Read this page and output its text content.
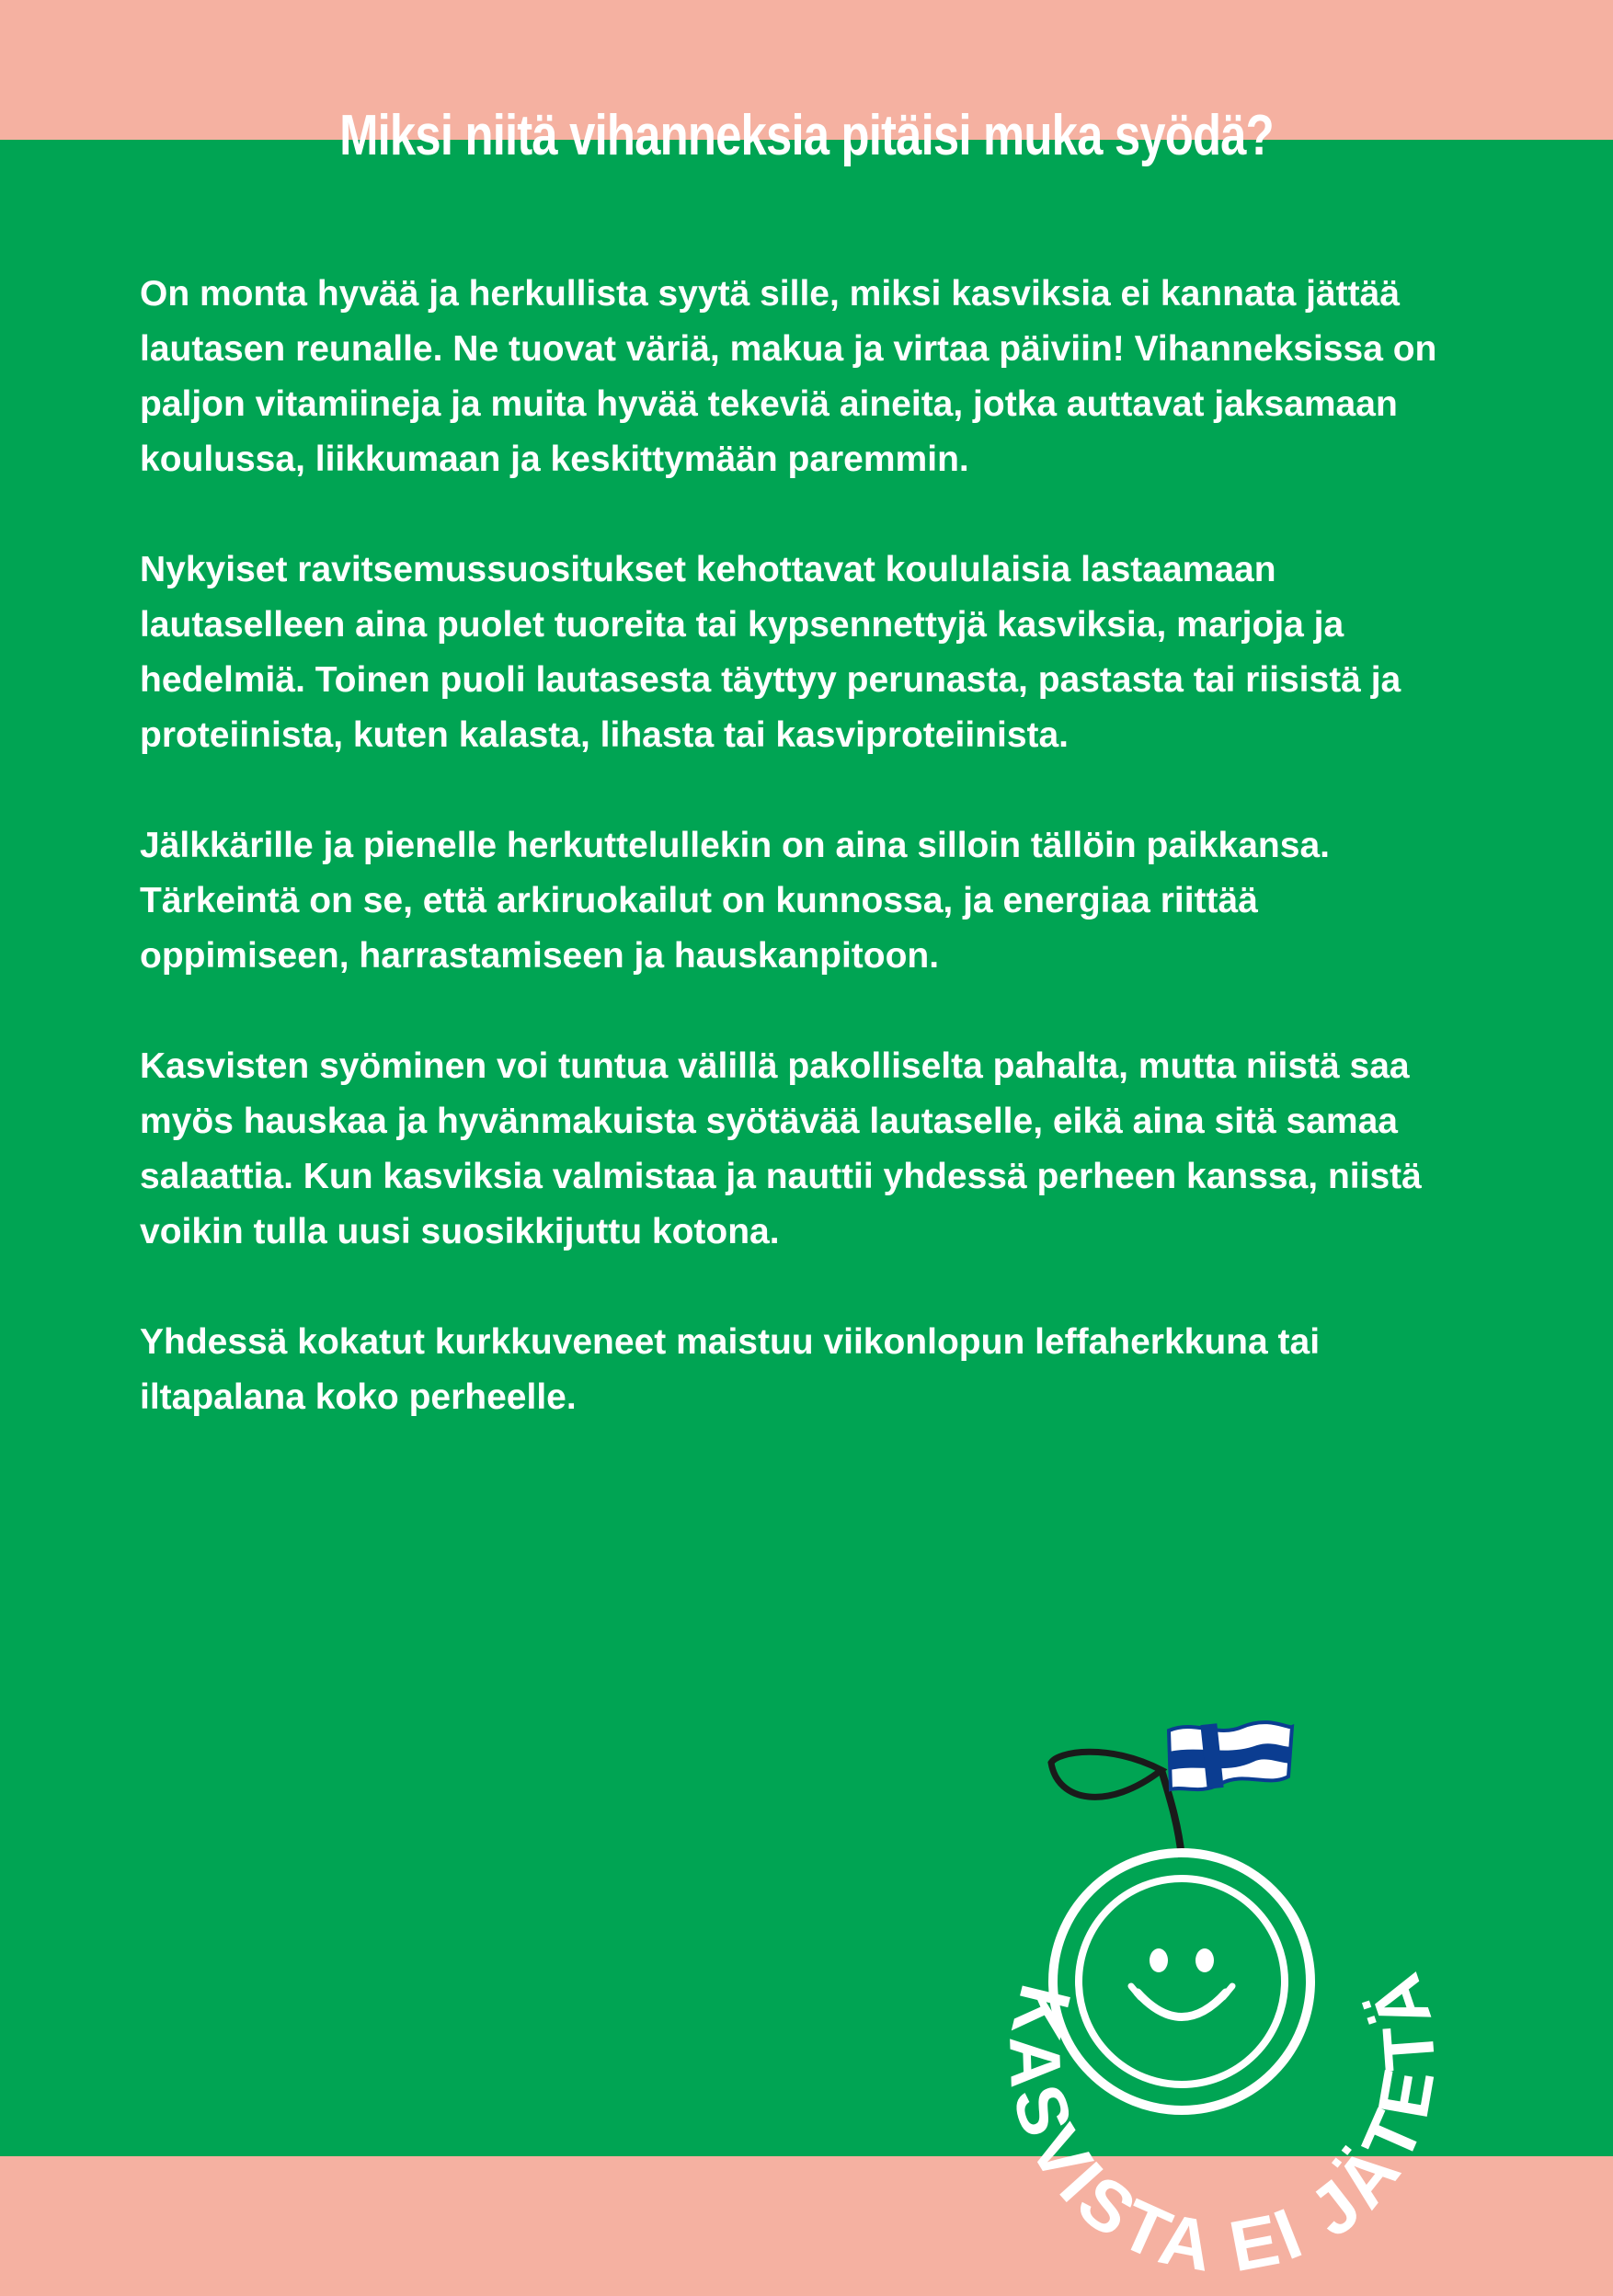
Miksi niitä vihanneksia pitäisi muka syödä?

On monta hyvää ja herkullista syytä sille, miksi kasviksia ei kannata jättää lautasen reunalle. Ne tuovat väriä, makua ja virtaa päiviin! Vihanneksissa on paljon vitamiineja ja muita hyvää tekeviä aineita, jotka auttavat jaksamaan koulussa, liikkumaan ja keskittymään paremmin.

Nykyiset ravitsemussuositukset kehottavat koululaisia lastaamaan lautaselleen aina puolet tuoreita tai kypsennettyjä kasviksia, marjoja ja hedelmiä. Toinen puoli lautasesta täyttyy perunasta, pastasta tai riisistä ja proteiinista, kuten kalasta, lihasta tai kasviproteiinista.

Jälkkärille ja pienelle herkuttelullekin on aina silloin tällöin paikkansa. Tärkeintä on se, että arkiruokailut on kunnossa, ja energiaa riittää oppimiseen, harrastamiseen ja hauskanpitoon.

Kasvisten syöminen voi tuntua välillä pakolliselta pahalta, mutta niistä saa myös hauskaa ja hyvänmakuista syötävää lautaselle, eikä aina sitä samaa salaattia. Kun kasviksia valmistaa ja nauttii yhdessä perheen kanssa, niistä voikin tulla uusi suosikkijuttu kotona.

Yhdessä kokatut kurkkuveneet maistuu viikonlopun leffaherkkuna tai iltapalana koko perheelle.

KASVISTA EI JÄTETÄ
